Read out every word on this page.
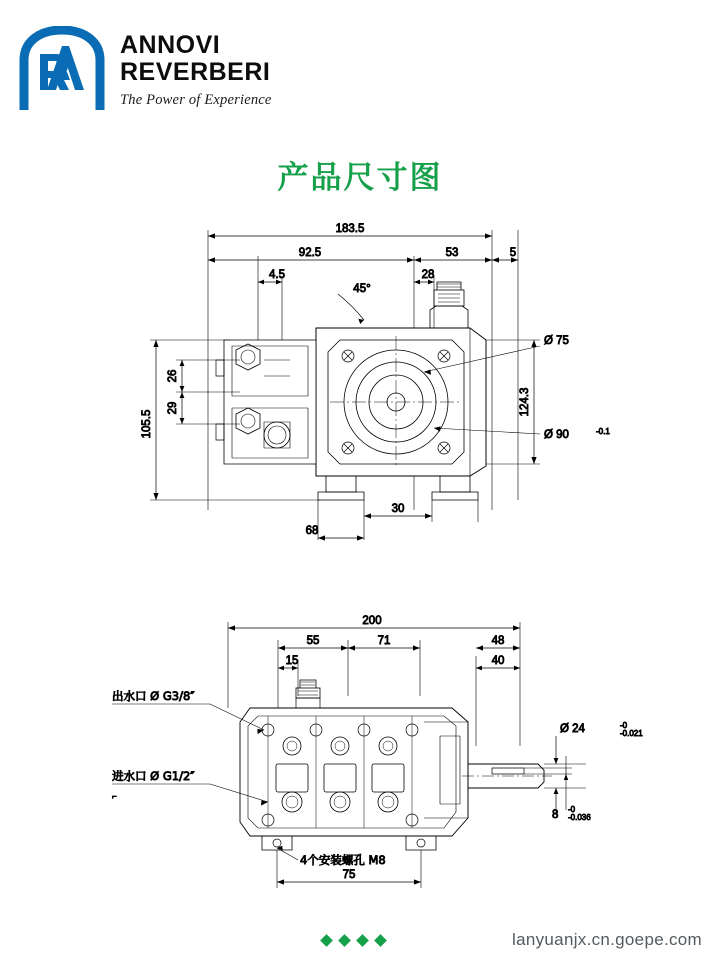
ANNOVI
REVERBERI
The Power of Experience
产品尺寸图
183.5
92.5	53	5
4.5	28
45°
105.5
26
29	124.3
Ø 75
Ø 90	-0.1
30
68
200
55	71	48
15	40
出水口 Ø G3/8″
进水口 Ø G1/2″
⌐
4个安装螺孔 M8
75
Ø 24	-0
-0.021
8 -0
-0.036
lanyuanjx.cn.goepe.com
